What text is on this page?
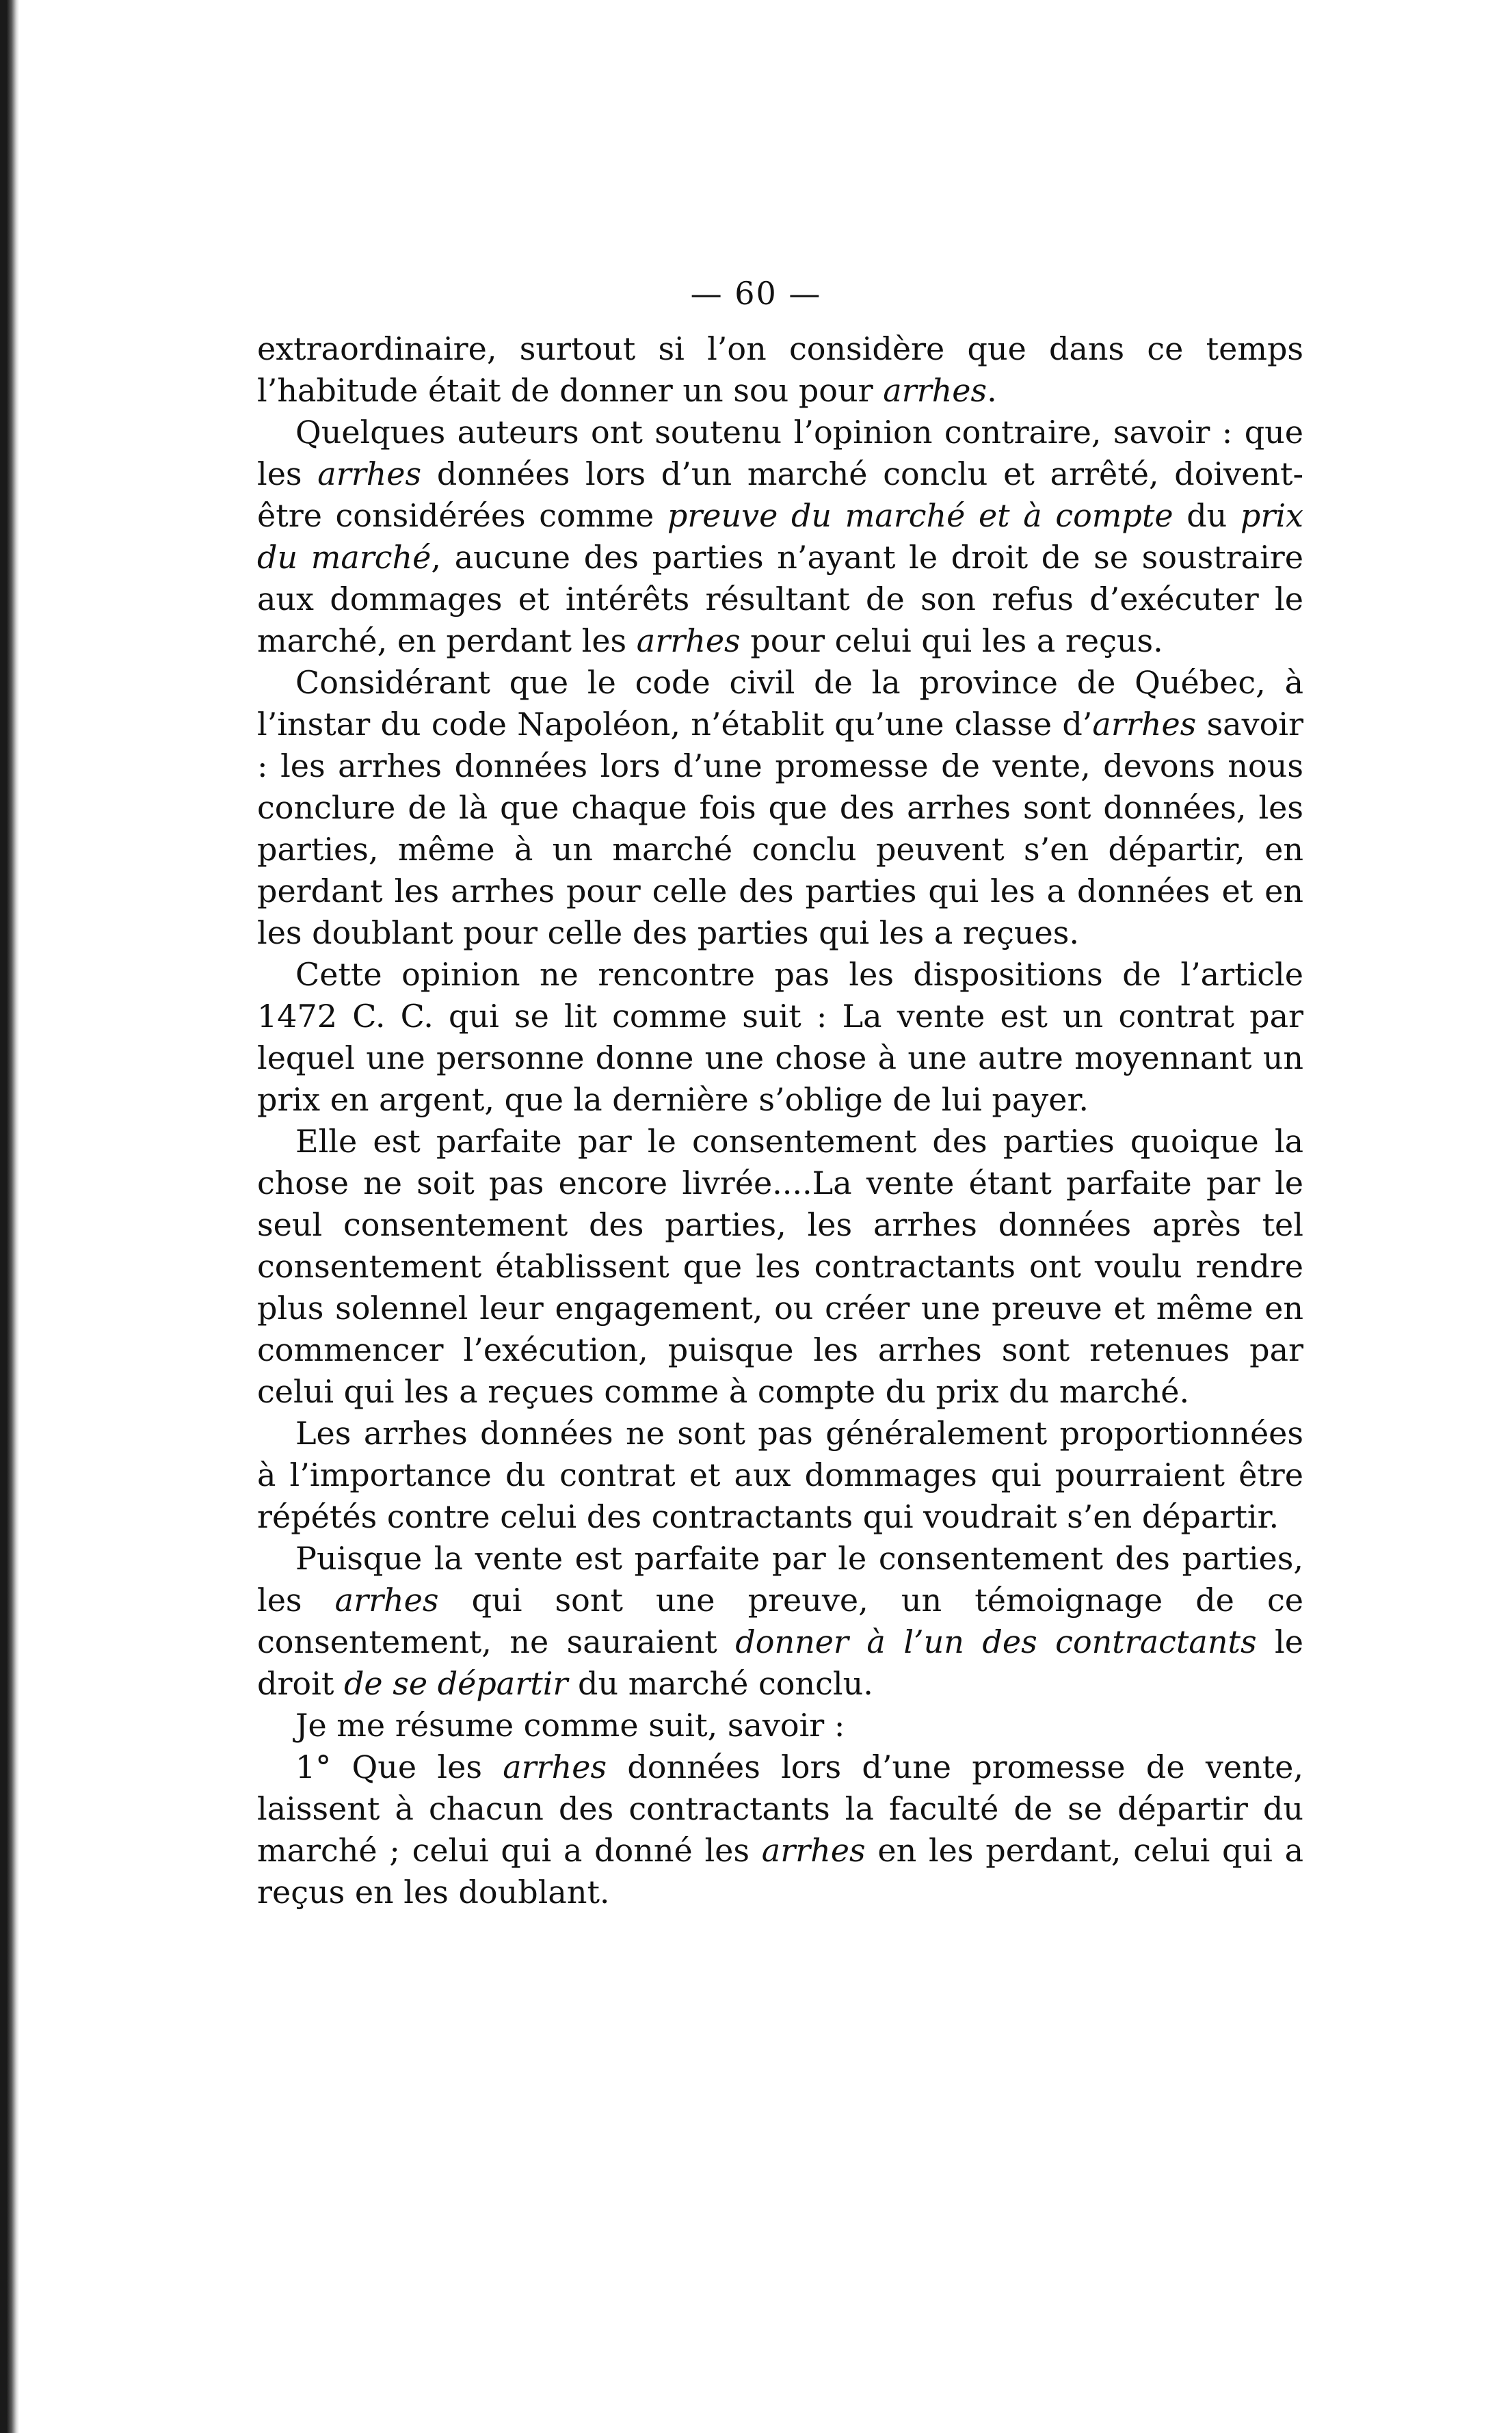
— 60 —

extraordinaire, surtout si l’on considère que dans ce temps l’habitude était de donner un sou pour arrhes.

Quelques auteurs ont soutenu l’opinion contraire, savoir : que les arrhes données lors d’un marché conclu et arrêté, doivent-être considérées comme preuve du marché et à compte du prix du marché, aucune des parties n’ayant le droit de se soustraire aux dommages et intérêts résultant de son refus d’exécuter le marché, en perdant les arrhes pour celui qui les a reçus.

Considérant que le code civil de la province de Québec, à l’instar du code Napoléon, n’établit qu’une classe d’arrhes savoir : les arrhes données lors d’une promesse de vente, devons nous conclure de là que chaque fois que des arrhes sont données, les parties, même à un marché conclu peuvent s’en départir, en perdant les arrhes pour celle des parties qui les a données et en les doublant pour celle des parties qui les a reçues.

Cette opinion ne rencontre pas les dispositions de l’article 1472 C. C. qui se lit comme suit : La vente est un contrat par lequel une personne donne une chose à une autre moyennant un prix en argent, que la dernière s’oblige de lui payer.

Elle est parfaite par le consentement des parties quoique la chose ne soit pas encore livrée....La vente étant parfaite par le seul consentement des parties, les arrhes données après tel consentement établissent que les contractants ont voulu rendre plus solennel leur engagement, ou créer une preuve et même en commencer l’exécution, puisque les arrhes sont retenues par celui qui les a reçues comme à compte du prix du marché.

Les arrhes données ne sont pas généralement proportionnées à l’importance du contrat et aux dommages qui pourraient être répétés contre celui des contractants qui voudrait s’en départir.

Puisque la vente est parfaite par le consentement des parties, les arrhes qui sont une preuve, un témoignage de ce consentement, ne sauraient donner à l’un des contractants le droit de se départir du marché conclu.

Je me résume comme suit, savoir :

1° Que les arrhes données lors d’une promesse de vente, laissent à chacun des contractants la faculté de se départir du marché ; celui qui a donné les arrhes en les perdant, celui qui a reçus en les doublant.
